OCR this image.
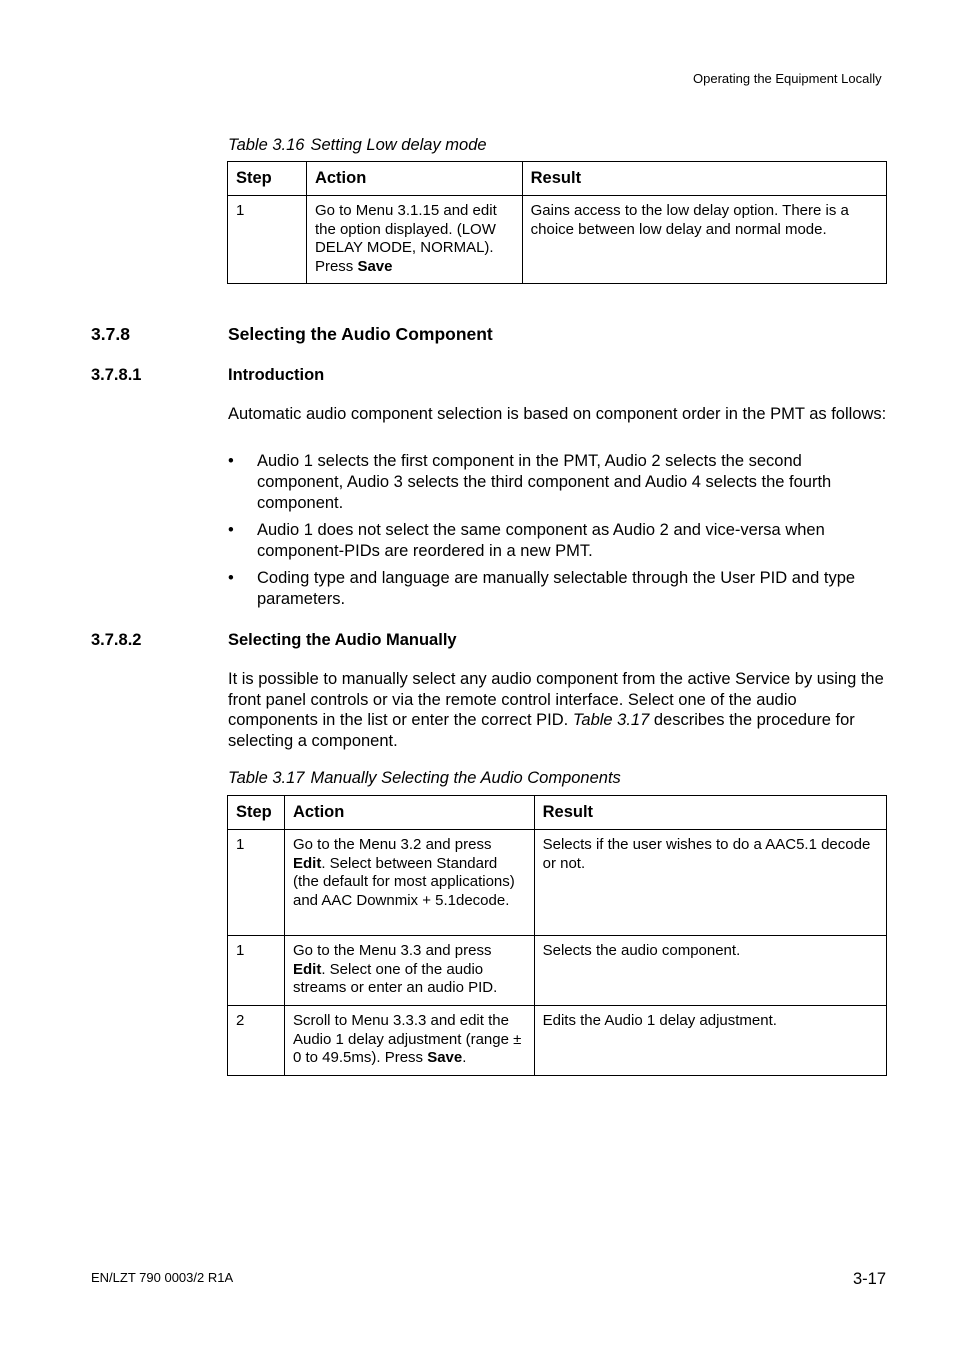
Operating the Equipment Locally
Table 3.16 Setting Low delay mode
Step	Action	Result
1	Go to Menu 3.1.15 and edit the option displayed. (LOW DELAY MODE, NORMAL). Press Save	Gains access to the low delay option. There is a choice between low delay and normal mode.
3.7.8	Selecting the Audio Component
3.7.8.1	Introduction
Automatic audio component selection is based on component order in the PMT as follows:
• Audio 1 selects the first component in the PMT, Audio 2 selects the second component, Audio 3 selects the third component and Audio 4 selects the fourth component.
• Audio 1 does not select the same component as Audio 2 and vice-versa when component-PIDs are reordered in a new PMT.
• Coding type and language are manually selectable through the User PID and type parameters.
3.7.8.2	Selecting the Audio Manually
It is possible to manually select any audio component from the active Service by using the front panel controls or via the remote control interface. Select one of the audio components in the list or enter the correct PID. Table 3.17 describes the procedure for selecting a component.
Table 3.17 Manually Selecting the Audio Components
Step	Action	Result
1	Go to the Menu 3.2 and press Edit. Select between Standard (the default for most applications) and AAC Downmix + 5.1decode.	Selects if the user wishes to do a AAC5.1 decode or not.
1	Go to the Menu 3.3 and press Edit. Select one of the audio streams or enter an audio PID.	Selects the audio component.
2	Scroll to Menu 3.3.3 and edit the Audio 1 delay adjustment (range ± 0 to 49.5ms). Press Save.	Edits the Audio 1 delay adjustment.
EN/LZT 790 0003/2 R1A	3-17
